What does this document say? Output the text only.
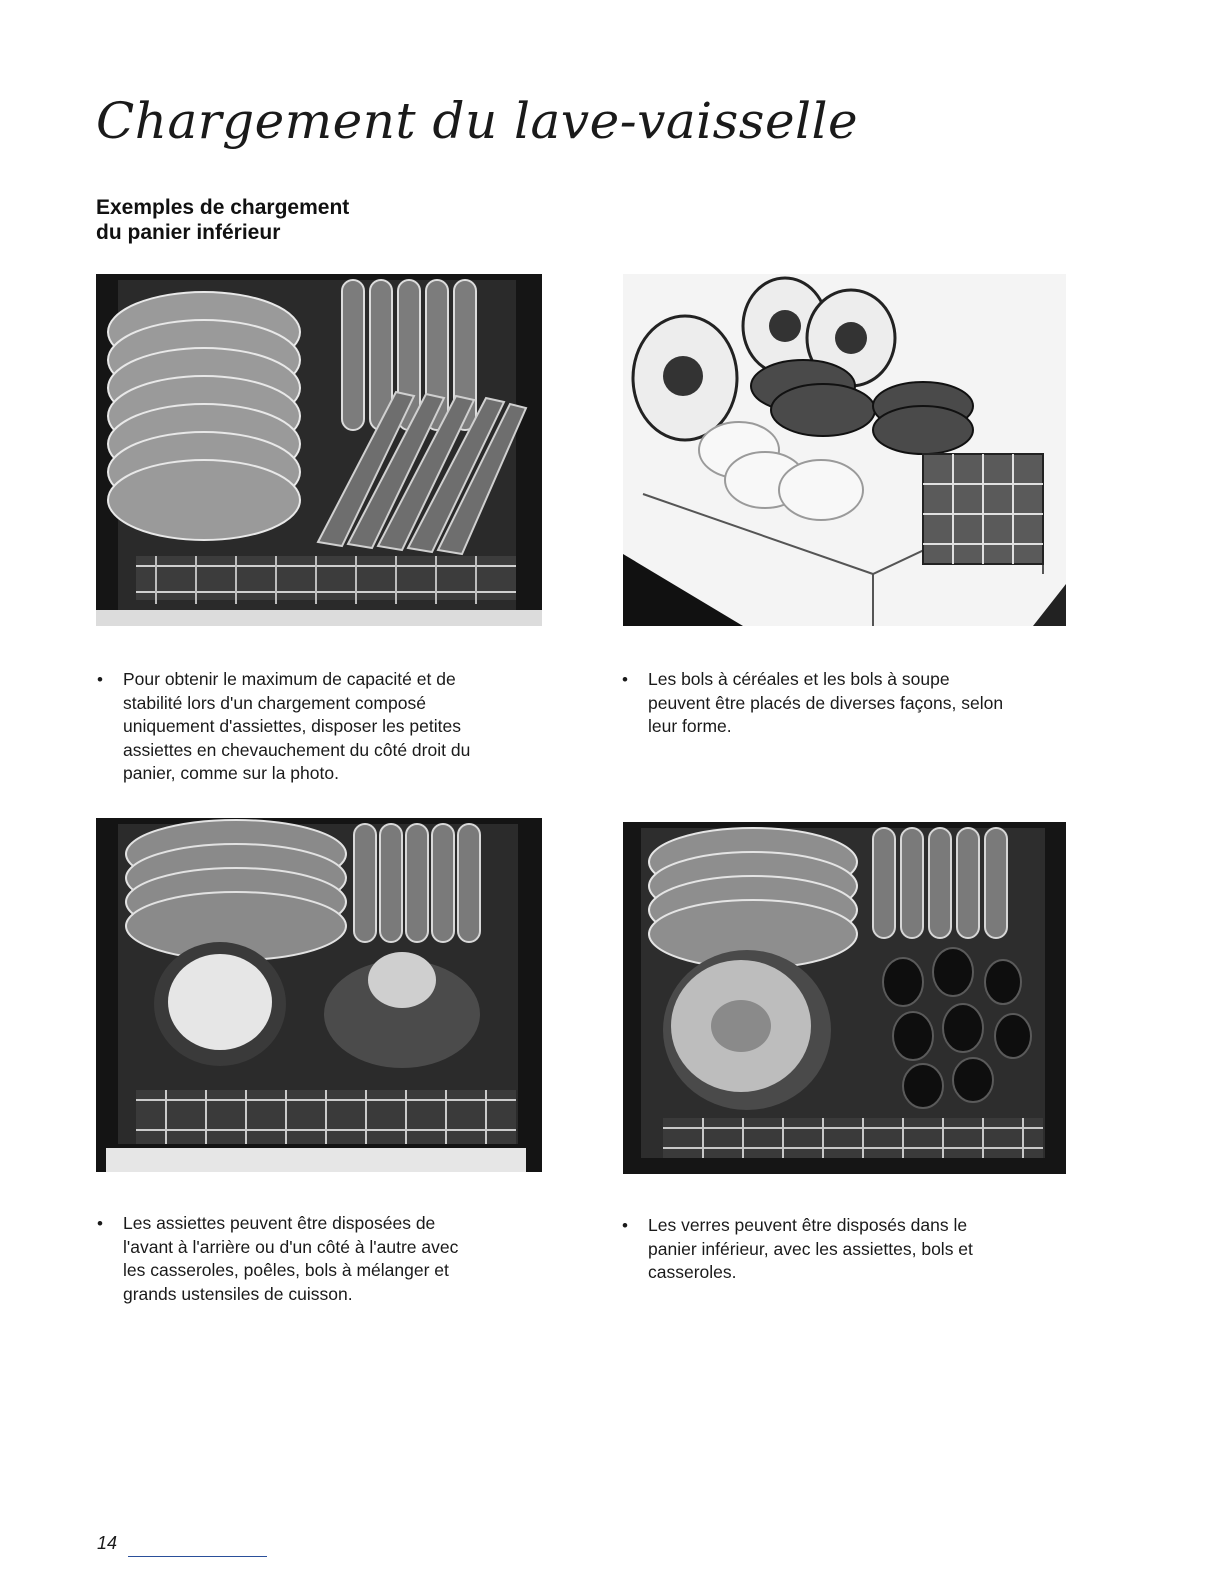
Chargement du lave-vaisselle
Exemples de chargement
du panier inférieur
• Pour obtenir le maximum de capacité et de
stabilité lors d'un chargement composé
uniquement d'assiettes, disposer les petites
assiettes en chevauchement du côté droit du
panier, comme sur la photo.
• Les bols à céréales et les bols à soupe
peuvent être placés de diverses façons, selon
leur forme.
• Les assiettes peuvent être disposées de
l'avant à l'arrière ou d'un côté à l'autre avec
les casseroles, poêles, bols à mélanger et
grands ustensiles de cuisson.
• Les verres peuvent être disposés dans le
panier inférieur, avec les assiettes, bols et
casseroles.
14
